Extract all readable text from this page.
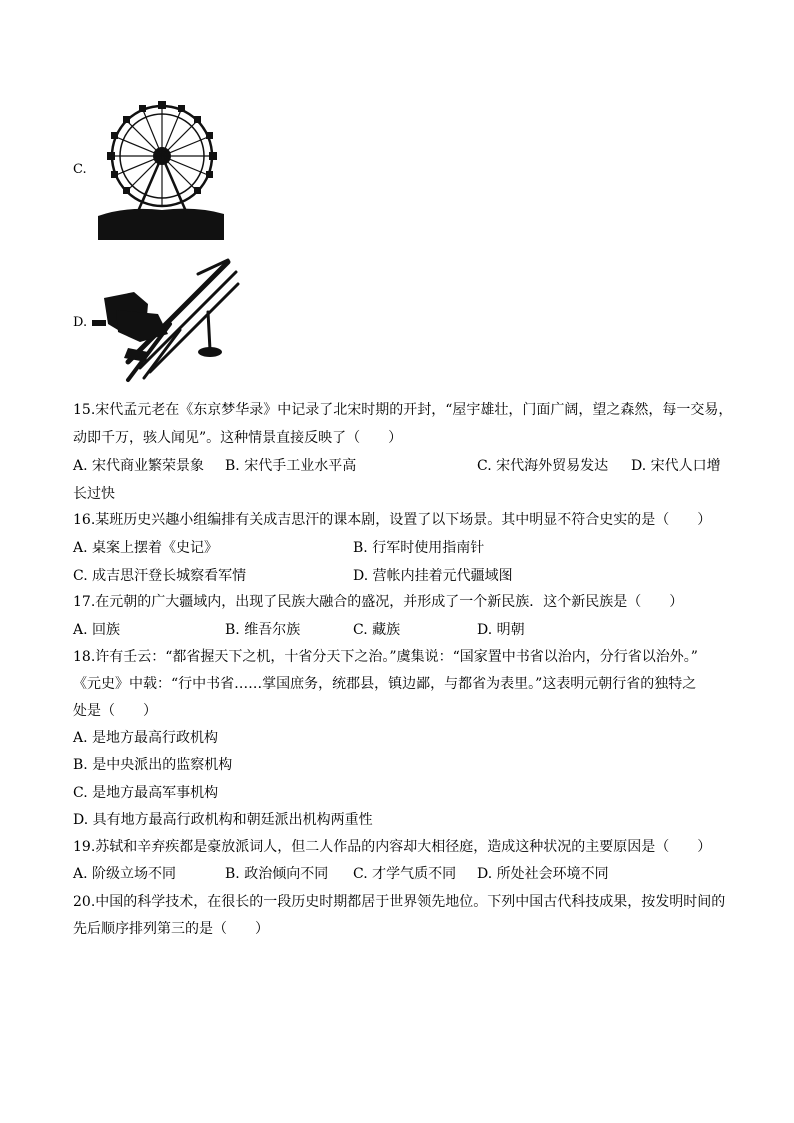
C.
D.
15.宋代孟元老在《东京梦华录》中记录了北宋时期的开封，“屋宇雄壮，门面广阔，望之森然，每一交易，
动即千万，骇人闻见”。这种情景直接反映了（　　）
A. 宋代商业繁荣景象 B. 宋代手工业水平高	C. 宋代海外贸易发达 D. 宋代人口增
长过快
16.某班历史兴趣小组编排有关成吉思汗的课本剧，设置了以下场景。其中明显不符合史实的是（　　）
A. 桌案上摆着《史记》	B. 行军时使用指南针
C. 成吉思汗登长城察看军情	D. 营帐内挂着元代疆域图
17.在元朝的广大疆域内，出现了民族大融合的盛况，并形成了一个新民族．这个新民族是（　　）
A. 回族	B. 维吾尔族	C. 藏族	D. 明朝
18.许有壬云：“都省握天下之机，十省分天下之治。”虞集说：“国家置中书省以治内，分行省以治外。”
《元史》中载：“行中书省……掌国庶务，统郡县，镇边鄙，与都省为表里。”这表明元朝行省的独特之
处是（　　）
A. 是地方最高行政机构
B. 是中央派出的监察机构
C. 是地方最高军事机构
D. 具有地方最高行政机构和朝廷派出机构两重性
19.苏轼和辛弃疾都是豪放派词人，但二人作品的内容却大相径庭，造成这种状况的主要原因是（　　）
A. 阶级立场不同	B. 政治倾向不同 C. 才学气质不同 D. 所处社会环境不同
20.中国的科学技术，在很长的一段历史时期都居于世界领先地位。下列中国古代科技成果，按发明时间的
先后顺序排列第三的是（　　）
